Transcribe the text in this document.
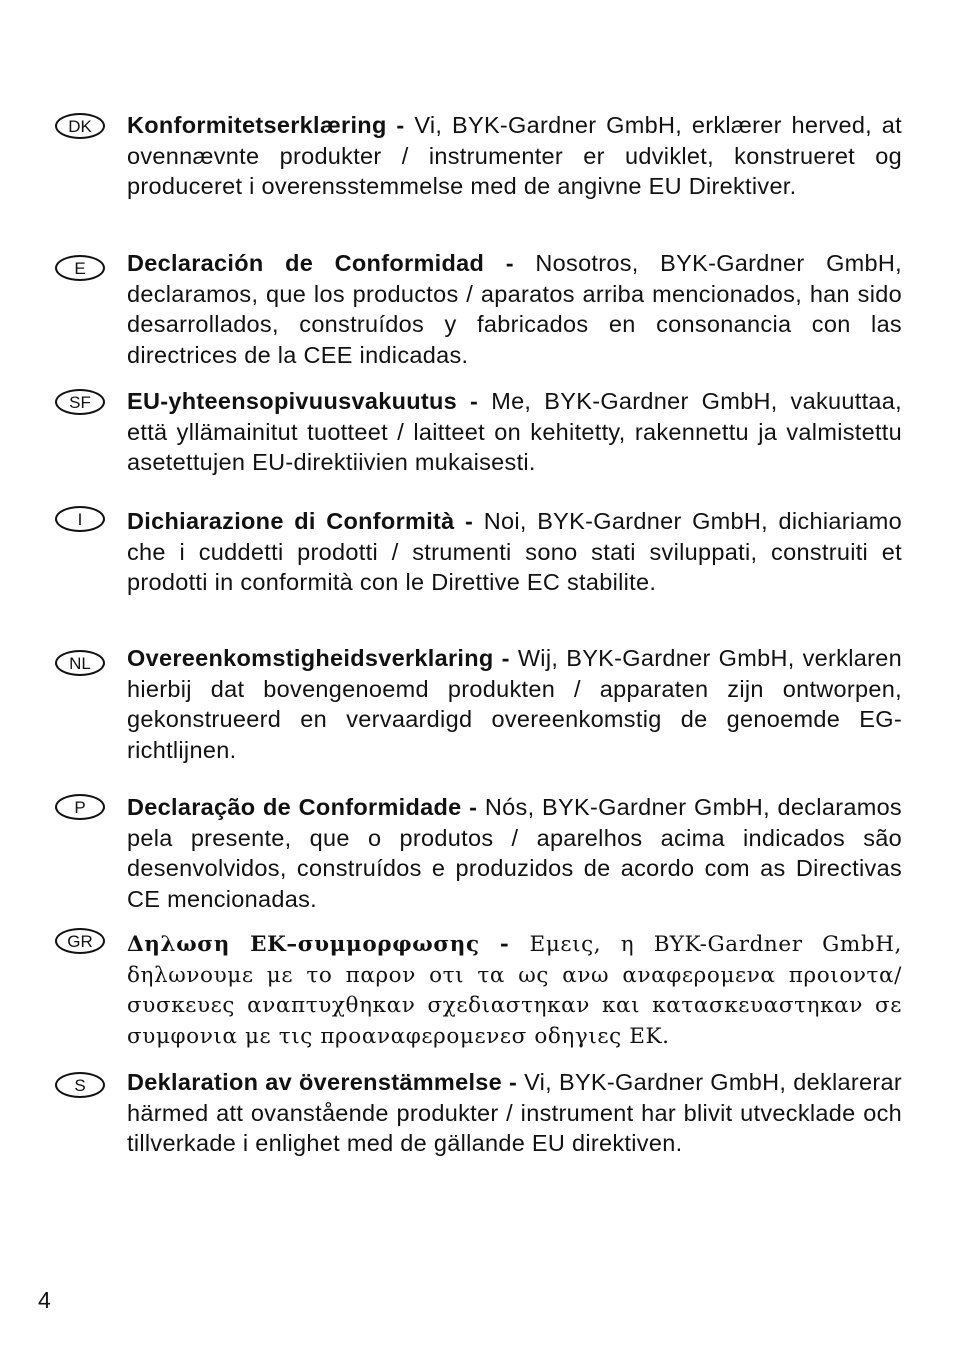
DK	Konformitetserklæring - Vi, BYK-Gardner GmbH, erklærer herved, at ovennævnte produkter / instrumenter er udviklet, konstrueret og produceret i overensstemmelse med de angivne EU Direktiver.
E	Declaración de Conformidad - Nosotros, BYK-Gardner GmbH, declaramos, que los productos / aparatos arriba mencionados, han sido desarrollados, construídos y fabricados en consonancia con las directrices de la CEE indicadas.
SF	EU-yhteensopivuusvakuutus - Me, BYK-Gardner GmbH, vakuuttaa, että yllämainitut tuotteet / laitteet on kehitetty, rakennettu ja valmistettu asetettujen EU-direktiivien mukaisesti.
I	Dichiarazione di Conformità - Noi, BYK-Gardner GmbH, dichiariamo che i cuddetti prodotti / strumenti sono stati sviluppati, construiti et prodotti in conformità con le Direttive EC stabilite.
NL	Overeenkomstigheidsverklaring - Wij, BYK-Gardner GmbH, verklaren hierbij dat bovengenoemd produkten / apparaten zijn ontworpen, gekonstrueerd en vervaardigd overeenkomstig de genoemde EG-richtlijnen.
P	Declaração de Conformidade - Nós, BYK-Gardner GmbH, declaramos pela presente, que o produtos / aparelhos acima indicados são desenvolvidos, construídos e produzidos de acordo com as Directivas CE mencionadas.
GR	Δηλωση ΕΚ–συμμορφωσης - Εμεις, η BYK-Gardner GmbH, δηλωνουμε με το παρον οτι τα ως ανω αναφερομενα προιοντα/ συσκευες αναπτυχθηκαν σχεδιαστηκαν και κατασκευαστηκαν σε συμφονια με τις προαναφερομενεσ οδηγιες ΕΚ.
S	Deklaration av överenstämmelse - Vi, BYK-Gardner GmbH, deklarerar härmed att ovanstående produkter / instrument har blivit utvecklade och tillverkade i enlighet med de gällande EU direktiven.
4
